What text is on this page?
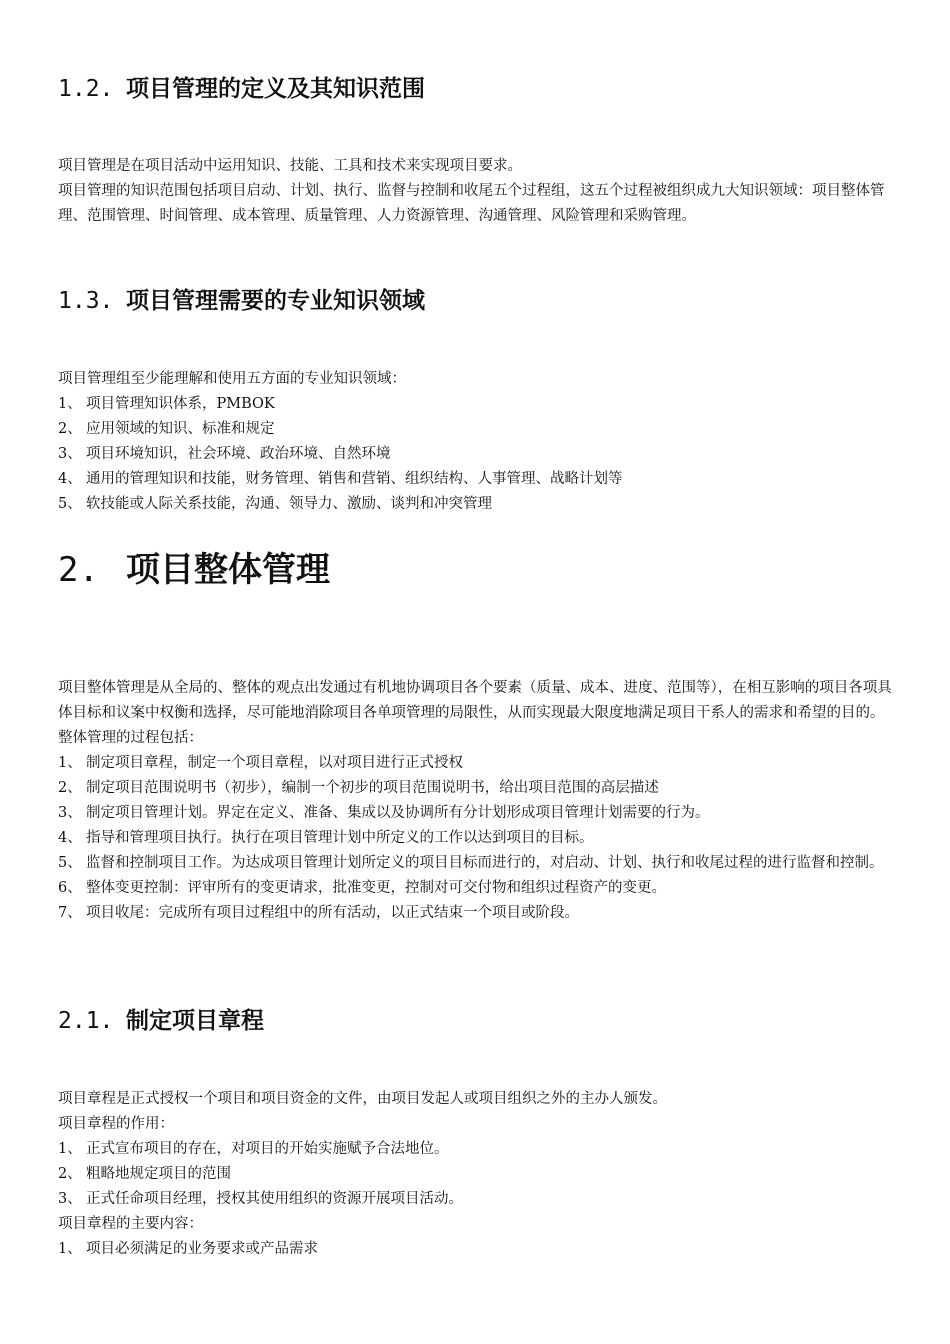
1.2. 项目管理的定义及其知识范围

项目管理是在项目活动中运用知识、技能、工具和技术来实现项目要求。

项目管理的知识范围包括项目启动、计划、执行、监督与控制和收尾五个过程组，这五个过程被组织成九大知识领域：项目整体管理、范围管理、时间管理、成本管理、质量管理、人力资源管理、沟通管理、风险管理和采购管理。

1.3. 项目管理需要的专业知识领域

项目管理组至少能理解和使用五方面的专业知识领域：

1、 项目管理知识体系，PMBOK
2、 应用领域的知识、标准和规定
3、 项目环境知识，社会环境、政治环境、自然环境
4、 通用的管理知识和技能，财务管理、销售和营销、组织结构、人事管理、战略计划等
5、 软技能或人际关系技能，沟通、领导力、激励、谈判和冲突管理
2. 项目整体管理

项目整体管理是从全局的、整体的观点出发通过有机地协调项目各个要素（质量、成本、进度、范围等），在相互影响的项目各项具体目标和议案中权衡和选择，尽可能地消除项目各单项管理的局限性，从而实现最大限度地满足项目干系人的需求和希望的目的。

整体管理的过程包括：

1、 制定项目章程，制定一个项目章程，以对项目进行正式授权
2、 制定项目范围说明书（初步），编制一个初步的项目范围说明书，给出项目范围的高层描述
3、 制定项目管理计划。界定在定义、准备、集成以及协调所有分计划形成项目管理计划需要的行为。
4、 指导和管理项目执行。执行在项目管理计划中所定义的工作以达到项目的目标。
5、 监督和控制项目工作。为达成项目管理计划所定义的项目目标而进行的，对启动、计划、执行和收尾过程的进行监督和控制。
6、 整体变更控制：评审所有的变更请求，批准变更，控制对可交付物和组织过程资产的变更。
7、 项目收尾：完成所有项目过程组中的所有活动，以正式结束一个项目或阶段。
2.1. 制定项目章程

项目章程是正式授权一个项目和项目资金的文件，由项目发起人或项目组织之外的主办人颁发。

项目章程的作用：

1、 正式宣布项目的存在，对项目的开始实施赋予合法地位。
2、 粗略地规定项目的范围
3、 正式任命项目经理，授权其使用组织的资源开展项目活动。

项目章程的主要内容：

1、 项目必须满足的业务要求或产品需求
